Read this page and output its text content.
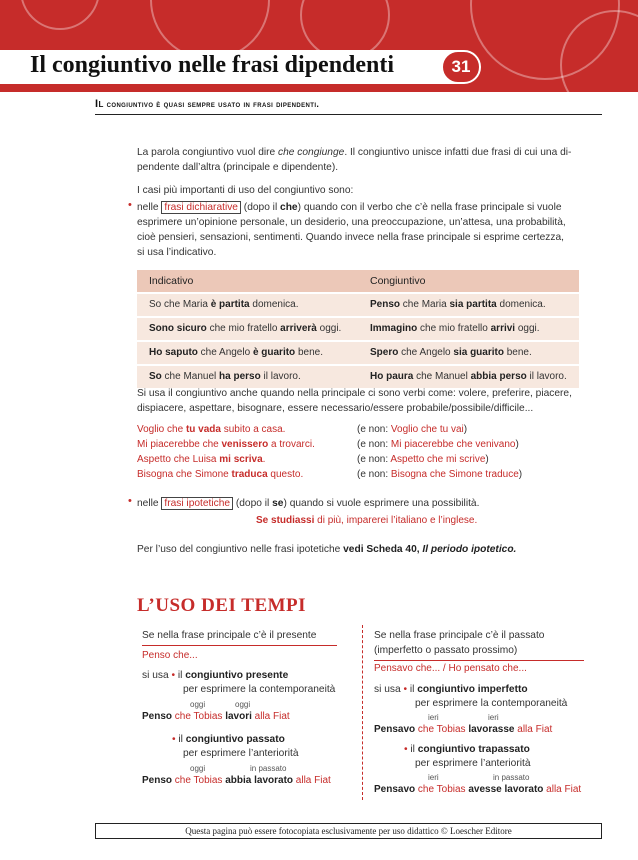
Il congiuntivo nelle frasi dipendenti	31
Il congiuntivo è quasi sempre usato in frasi dipendenti.
La parola congiuntivo vuol dire che congiunge. Il congiuntivo unisce infatti due frasi di cui una di-
pendente dall’altra (principale e dipendente).
I casi più importanti di uso del congiuntivo sono:
• nelle frasi dichiarative (dopo il che) quando con il verbo che c’è nella frase principale si vuole
esprimere un’opinione personale, un desiderio, una preoccupazione, un’attesa, una probabilità,
cioè pensieri, sensazioni, sentimenti. Quando invece nella frase principale si esprime certezza,
si usa l’indicativo.
Indicativo	Congiuntivo
So che Maria è partita domenica.	Penso che Maria sia partita domenica.
Sono sicuro che mio fratello arriverà oggi.	Immagino che mio fratello arrivi oggi.
Ho saputo che Angelo è guarito bene.	Spero che Angelo sia guarito bene.
So che Manuel ha perso il lavoro.	Ho paura che Manuel abbia perso il lavoro.
Si usa il congiuntivo anche quando nella principale ci sono verbi come: volere, preferire, piacere,
dispiacere, aspettare, bisognare, essere necessario/essere probabile/possibile/difficile...
Voglio che tu vada subito a casa.	(e non: Voglio che tu vai)
Mi piacerebbe che venissero a trovarci.	(e non: Mi piacerebbe che venivano)
Aspetto che Luisa mi scriva.	(e non: Aspetto che mi scrive)
Bisogna che Simone traduca questo.	(e non: Bisogna che Simone traduce)
• nelle frasi ipotetiche (dopo il se) quando si vuole esprimere una possibilità.
Se studiassi di più, imparerei l’italiano e l’inglese.
Per l’uso del congiuntivo nelle frasi ipotetiche vedi Scheda 40, Il periodo ipotetico.
L’USO DEI TEMPI
Se nella frase principale c’è il presente
Penso che...
si usa • il congiuntivo presente
per esprimere la contemporaneità
oggi	oggi
Penso che Tobias lavori alla Fiat
• il congiuntivo passato
per esprimere l’anteriorità
oggi	in passato
Penso che Tobias abbia lavorato alla Fiat
Se nella frase principale c’è il passato
(imperfetto o passato prossimo)
Pensavo che... / Ho pensato che...
si usa • il congiuntivo imperfetto
per esprimere la contemporaneità
ieri	ieri
Pensavo che Tobias lavorasse alla Fiat
• il congiuntivo trapassato
per esprimere l’anteriorità
ieri	in passato
Pensavo che Tobias avesse lavorato alla Fiat
Questa pagina può essere fotocopiata esclusivamente per uso didattico © Loescher Editore
